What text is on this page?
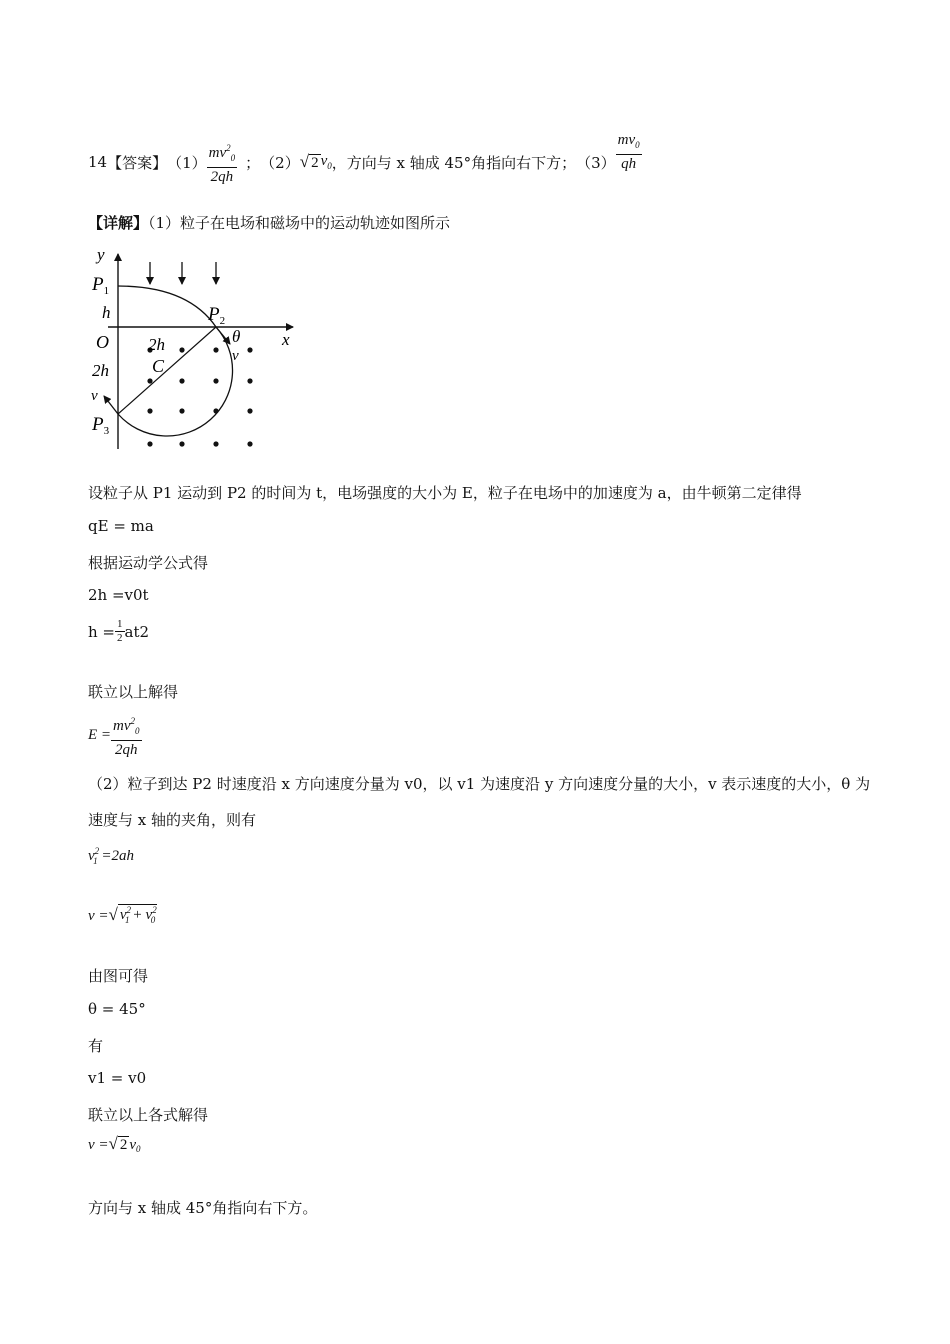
14 【答案】 $(1) \frac{mv^2_0}{2qh}$ ； （2） √ 2 $v_0$ ，方向与 x 轴成 45°角指向右下方； $(3) \frac{mv_0}{qh}$
【详解】（1）粒子在电场和磁场中的运动轨迹如图所示
y
x
$P_1$
h	$P_2$
O
2h
2h
C
θ
v
v
$P_3$
设粒子从 P1 运动到 P2 的时间为 t，电场强度的大小为 E，粒子在电场中的加速度为 a，由牛顿第二定律得
qE = ma
根据运动学公式得
2h =v0t
$h = \frac{1}{2} at2$
联立以上解得
$E = \frac{mv^2_0}{2qh}$
（2）粒子到达 P2 时速度沿 x 方向速度分量为 v0，以 v1 为速度沿 y 方向速度分量的大小，v 表示速度的大小，θ 为速度与 x 轴的夹角，则有
$v^2_1 =2ah$
v = √ $v^2_1 + v^2_0$
由图可得
θ = 45°
有
v1 = v0
联立以上各式解得
v = √ 2 $v_0$
方向与 x 轴成 45°角指向右下方。
